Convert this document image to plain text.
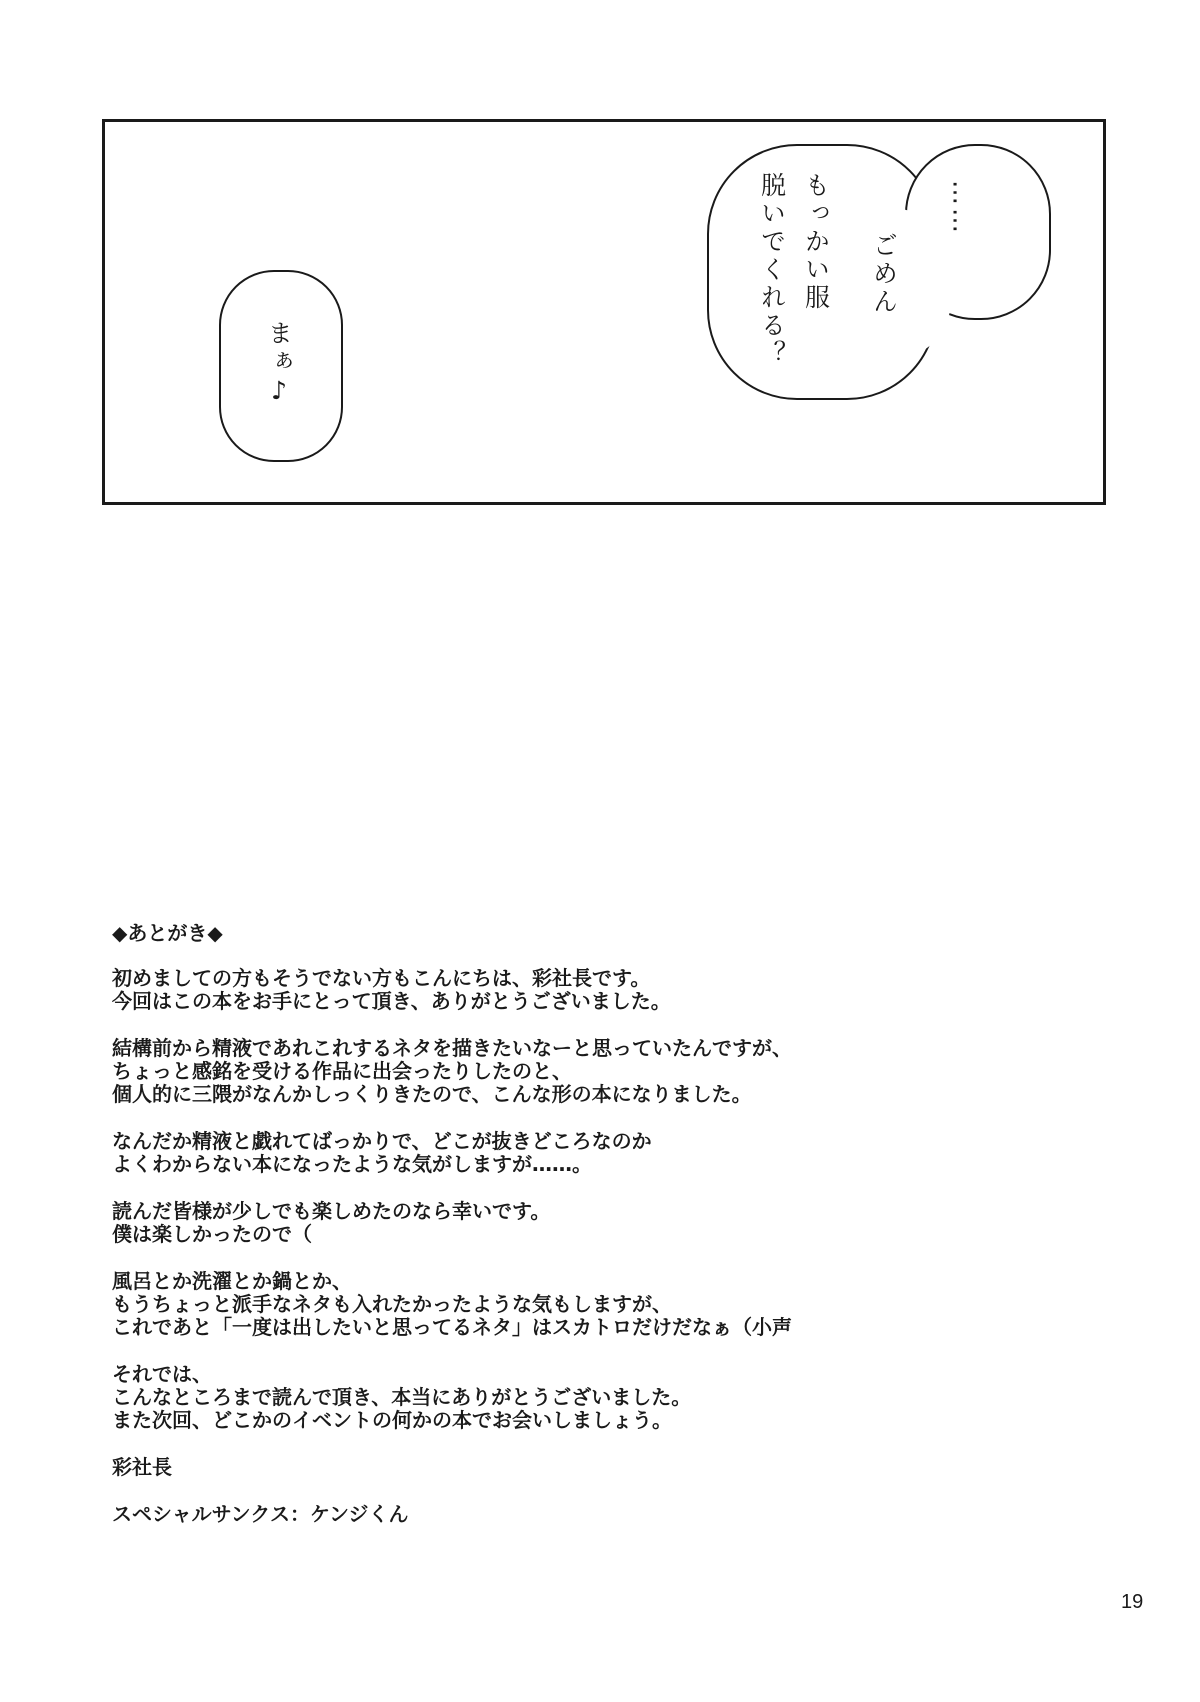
まぁ♪
……
ごめん
もっかい服
脱いでくれる？
◆あとがき◆
初めましての方もそうでない方もこんにちは、彩社長です。
今回はこの本をお手にとって頂き、ありがとうございました。
結構前から精液であれこれするネタを描きたいなーと思っていたんですが、
ちょっと感銘を受ける作品に出会ったりしたのと、
個人的に三隈がなんかしっくりきたので、こんな形の本になりました。
なんだか精液と戯れてばっかりで、どこが抜きどころなのか
よくわからない本になったような気がしますが……。
読んだ皆様が少しでも楽しめたのなら幸いです。
僕は楽しかったので（
風呂とか洗濯とか鍋とか、
もうちょっと派手なネタも入れたかったような気もしますが、
これであと「一度は出したいと思ってるネタ」はスカトロだけだなぁ（小声
それでは、
こんなところまで読んで頂き、本当にありがとうございました。
また次回、どこかのイベントの何かの本でお会いしましょう。
彩社長
スペシャルサンクス：ケンジくん
19
